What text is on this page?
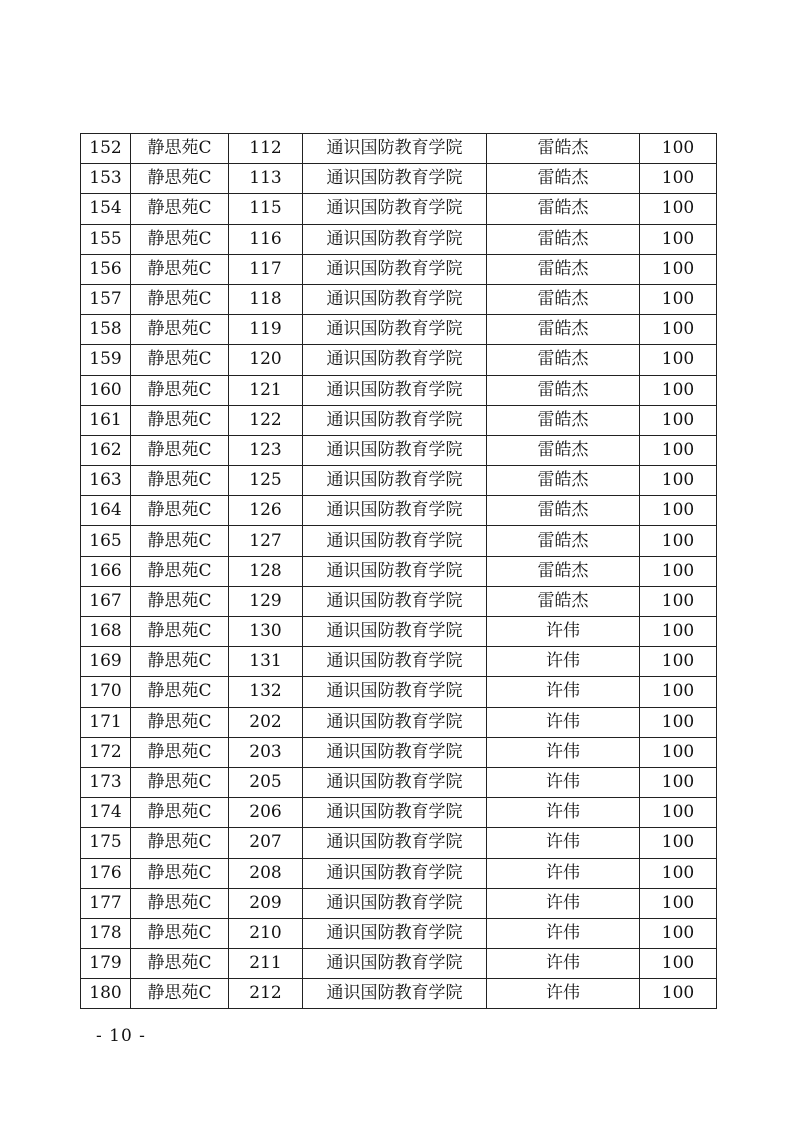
152	静思苑C	112	通识国防教育学院	雷皓杰	100
153	静思苑C	113	通识国防教育学院	雷皓杰	100
154	静思苑C	115	通识国防教育学院	雷皓杰	100
155	静思苑C	116	通识国防教育学院	雷皓杰	100
156	静思苑C	117	通识国防教育学院	雷皓杰	100
157	静思苑C	118	通识国防教育学院	雷皓杰	100
158	静思苑C	119	通识国防教育学院	雷皓杰	100
159	静思苑C	120	通识国防教育学院	雷皓杰	100
160	静思苑C	121	通识国防教育学院	雷皓杰	100
161	静思苑C	122	通识国防教育学院	雷皓杰	100
162	静思苑C	123	通识国防教育学院	雷皓杰	100
163	静思苑C	125	通识国防教育学院	雷皓杰	100
164	静思苑C	126	通识国防教育学院	雷皓杰	100
165	静思苑C	127	通识国防教育学院	雷皓杰	100
166	静思苑C	128	通识国防教育学院	雷皓杰	100
167	静思苑C	129	通识国防教育学院	雷皓杰	100
168	静思苑C	130	通识国防教育学院	许伟	100
169	静思苑C	131	通识国防教育学院	许伟	100
170	静思苑C	132	通识国防教育学院	许伟	100
171	静思苑C	202	通识国防教育学院	许伟	100
172	静思苑C	203	通识国防教育学院	许伟	100
173	静思苑C	205	通识国防教育学院	许伟	100
174	静思苑C	206	通识国防教育学院	许伟	100
175	静思苑C	207	通识国防教育学院	许伟	100
176	静思苑C	208	通识国防教育学院	许伟	100
177	静思苑C	209	通识国防教育学院	许伟	100
178	静思苑C	210	通识国防教育学院	许伟	100
179	静思苑C	211	通识国防教育学院	许伟	100
180	静思苑C	212	通识国防教育学院	许伟	100
- 10 -
